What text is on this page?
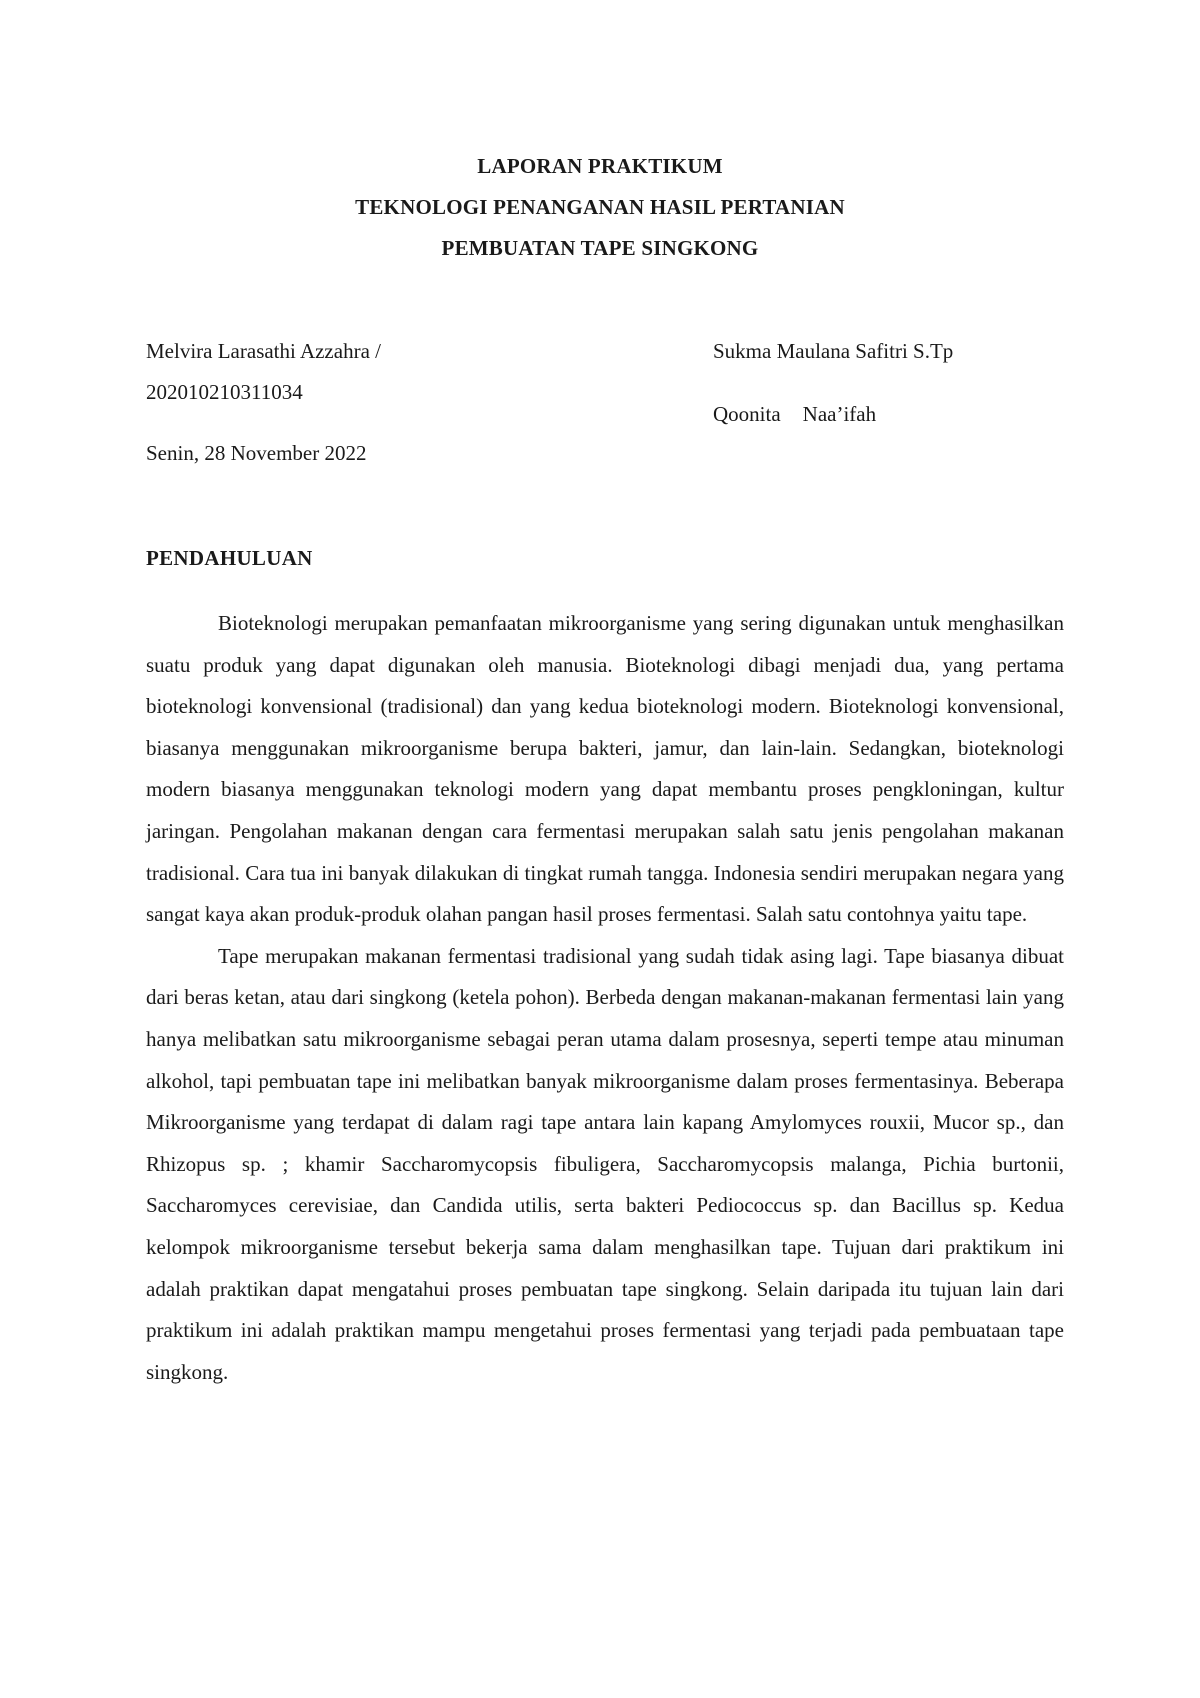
LAPORAN PRAKTIKUM
TEKNOLOGI PENANGANAN HASIL PERTANIAN
PEMBUATAN TAPE SINGKONG
Melvira Larasathi Azzahra /
202010210311034
Senin, 28 November 2022
Sukma Maulana Safitri S.Tp
Qoonita Naa’ifah
PENDAHULUAN

Bioteknologi merupakan pemanfaatan mikroorganisme yang sering digunakan untuk menghasilkan suatu produk yang dapat digunakan oleh manusia. Bioteknologi dibagi menjadi dua, yang pertama bioteknologi konvensional (tradisional) dan yang kedua bioteknologi modern. Bioteknologi konvensional, biasanya menggunakan mikroorganisme berupa bakteri, jamur, dan lain-lain. Sedangkan, bioteknologi modern biasanya menggunakan teknologi modern yang dapat membantu proses pengkloningan, kultur jaringan. Pengolahan makanan dengan cara fermentasi merupakan salah satu jenis pengolahan makanan tradisional. Cara tua ini banyak dilakukan di tingkat rumah tangga. Indonesia sendiri merupakan negara yang sangat kaya akan produk-produk olahan pangan hasil proses fermentasi. Salah satu contohnya yaitu tape.

Tape merupakan makanan fermentasi tradisional yang sudah tidak asing lagi. Tape biasanya dibuat dari beras ketan, atau dari singkong (ketela pohon). Berbeda dengan makanan-makanan fermentasi lain yang hanya melibatkan satu mikroorganisme sebagai peran utama dalam prosesnya, seperti tempe atau minuman alkohol, tapi pembuatan tape ini melibatkan banyak mikroorganisme dalam proses fermentasinya. Beberapa Mikroorganisme yang terdapat di dalam ragi tape antara lain kapang Amylomyces rouxii, Mucor sp., dan Rhizopus sp. ; khamir Saccharomycopsis fibuligera, Saccharomycopsis malanga, Pichia burtonii, Saccharomyces cerevisiae, dan Candida utilis, serta bakteri Pediococcus sp. dan Bacillus sp. Kedua kelompok mikroorganisme tersebut bekerja sama dalam menghasilkan tape. Tujuan dari praktikum ini adalah praktikan dapat mengatahui proses pembuatan tape singkong. Selain daripada itu tujuan lain dari praktikum ini adalah praktikan mampu mengetahui proses fermentasi yang terjadi pada pembuataan tape singkong.
